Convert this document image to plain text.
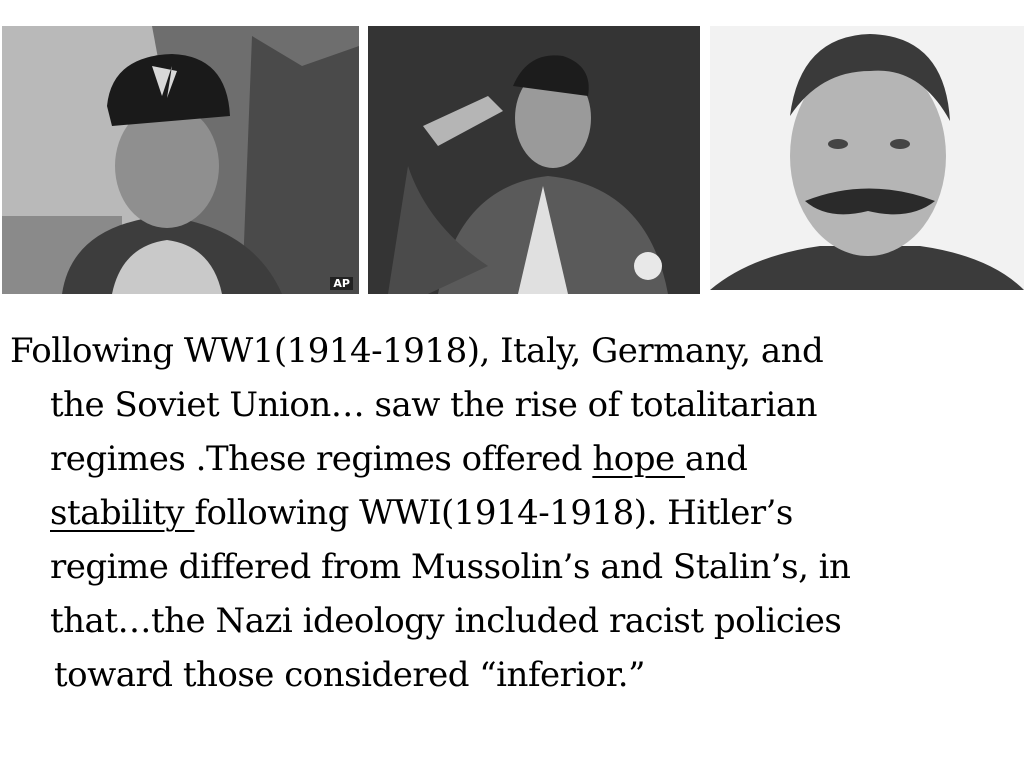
AP
Following WW1(1914-1918), Italy, Germany, and
the Soviet Union… saw the rise of totalitarian
regimes .These regimes offered hope and
stability following WWI(1914-1918). Hitler’s
regime differed from Mussolin’s and Stalin’s, in
that…the Nazi ideology included racist policies
toward those considered “inferior.”
